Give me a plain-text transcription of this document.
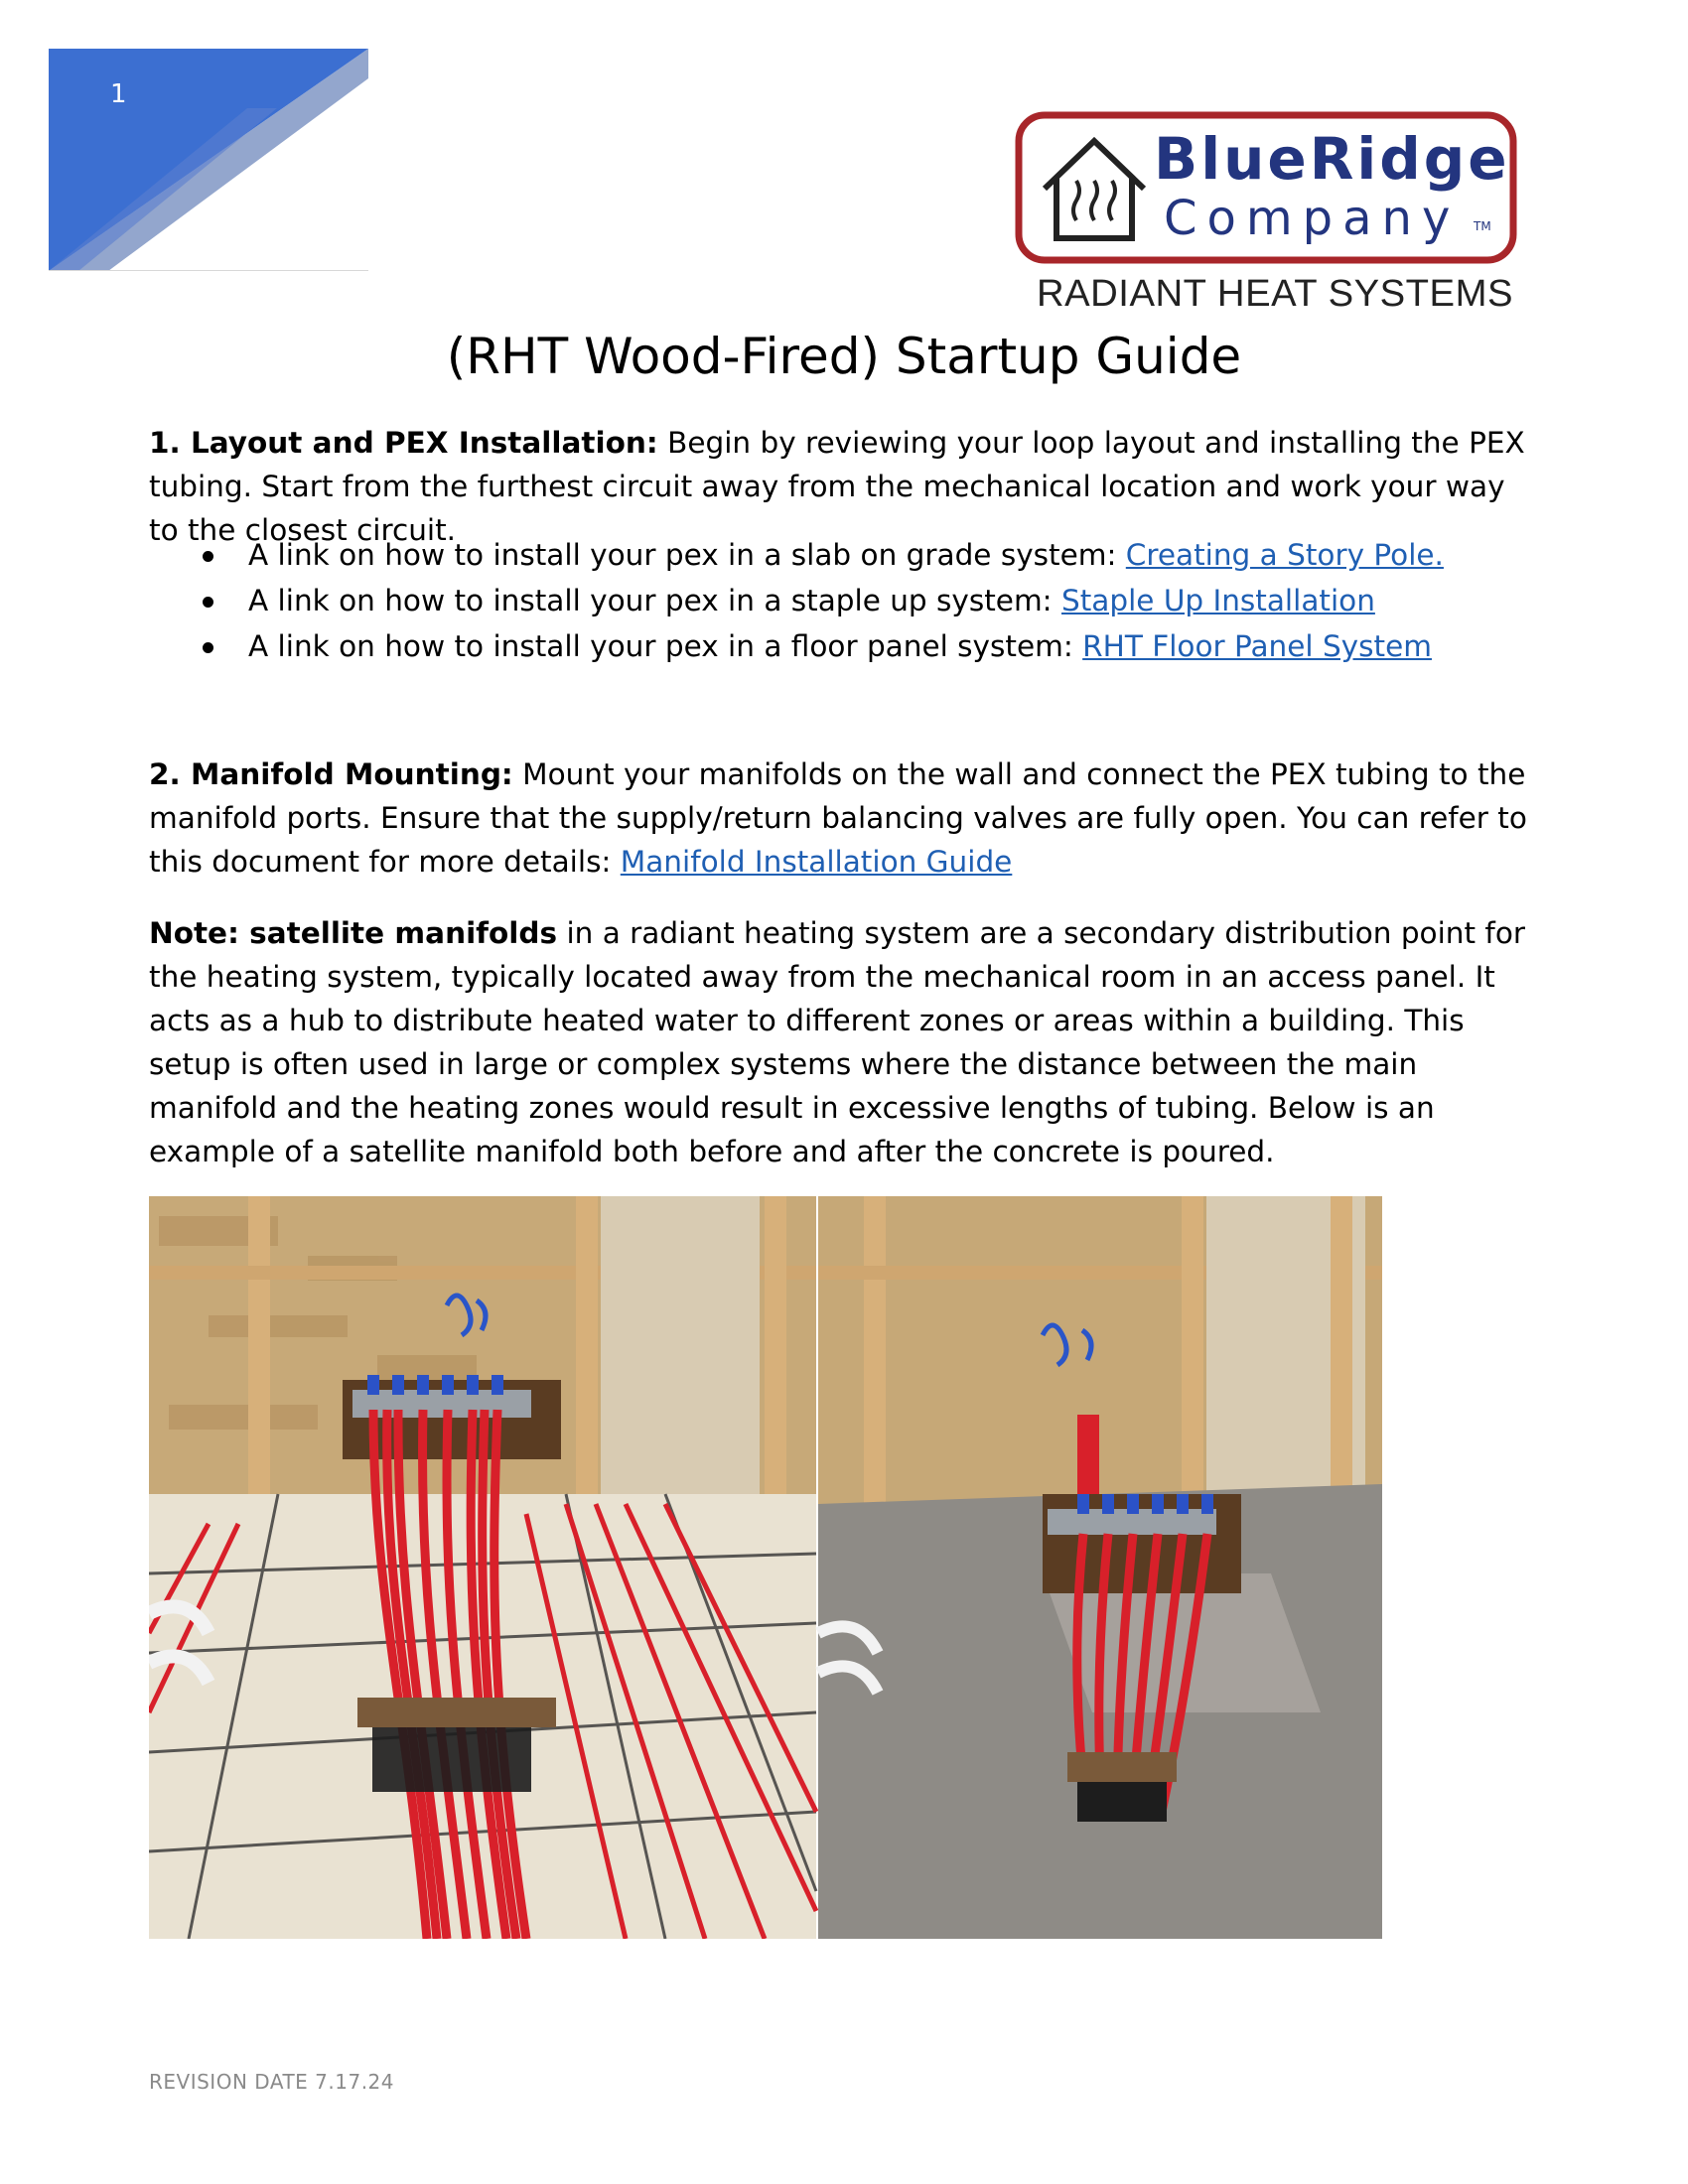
1
BlueRidge
Company TM
RADIANT HEAT SYSTEMS
(RHT Wood-Fired) Startup Guide
1. Layout and PEX Installation: Begin by reviewing your loop layout and installing the PEX tubing. Start from the furthest circuit away from the mechanical location and work your way to the closest circuit.
A link on how to install your pex in a slab on grade system: Creating a Story Pole.
A link on how to install your pex in a staple up system: Staple Up Installation
A link on how to install your pex in a floor panel system: RHT Floor Panel System
2. Manifold Mounting: Mount your manifolds on the wall and connect the PEX tubing to the manifold ports. Ensure that the supply/return balancing valves are fully open. You can refer to this document for more details: Manifold Installation Guide
Note: satellite manifolds in a radiant heating system are a secondary distribution point for the heating system, typically located away from the mechanical room in an access panel. It acts as a hub to distribute heated water to different zones or areas within a building. This setup is often used in large or complex systems where the distance between the main manifold and the heating zones would result in excessive lengths of tubing. Below is an example of a satellite manifold both before and after the concrete is poured.
REVISION DATE 7.17.24
